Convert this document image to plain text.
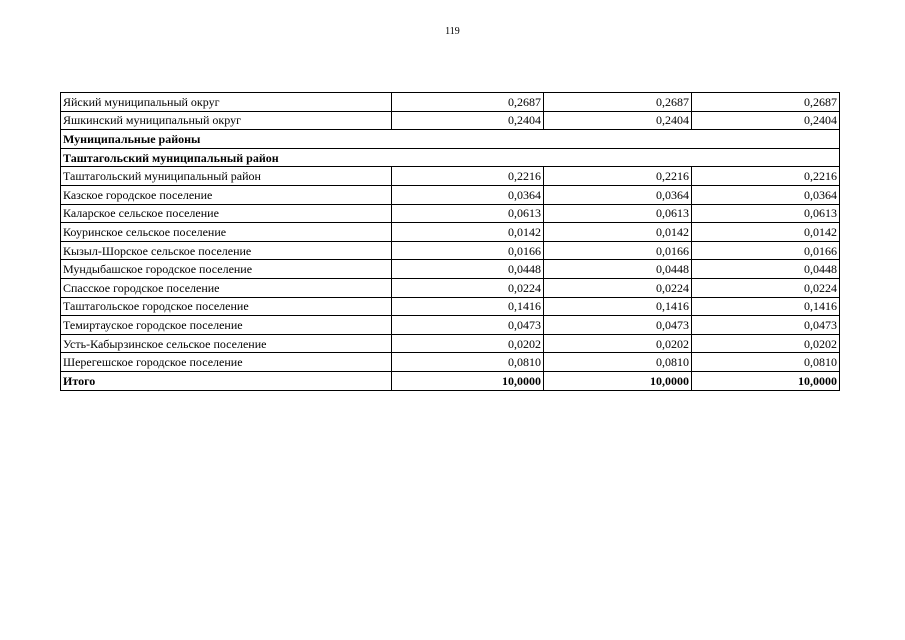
119
Яйский муниципальный округ	0,2687	0,2687	0,2687
Яшкинский муниципальный округ	0,2404	0,2404	0,2404
Муниципальные районы			
Таштагольский муниципальный район			
Таштагольский муниципальный район	0,2216	0,2216	0,2216
Казское городское поселение	0,0364	0,0364	0,0364
Каларское сельское поселение	0,0613	0,0613	0,0613
Коуринское сельское поселение	0,0142	0,0142	0,0142
Кызыл-Шорское сельское поселение	0,0166	0,0166	0,0166
Мундыбашское городское поселение	0,0448	0,0448	0,0448
Спасское городское поселение	0,0224	0,0224	0,0224
Таштагольское городское поселение	0,1416	0,1416	0,1416
Темиртауское городское поселение	0,0473	0,0473	0,0473
Усть-Кабырзинское сельское поселение	0,0202	0,0202	0,0202
Шерегешское городское поселение	0,0810	0,0810	0,0810
Итого	10,0000	10,0000	10,0000
